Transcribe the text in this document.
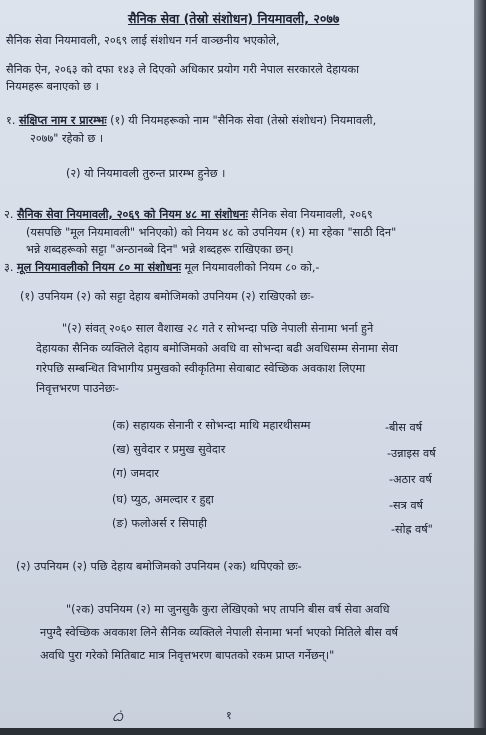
सैनिक सेवा (तेस्रो संशोधन) नियमावली, २०७७
सैनिक सेवा नियमावली, २०६९ लाई संशोधन गर्न वाञ्छनीय भएकोले,
सैनिक ऐन, २०६३ को दफा १४३ ले दिएको अधिकार प्रयोग गरी नेपाल सरकारले देहायका
नियमहरू बनाएको छ ।
१. संक्षिप्त नाम र प्रारम्भः (१) यी नियमहरूको नाम "सैनिक सेवा (तेस्रो संशोधन) नियमावली,
२०७७" रहेको छ ।
(२) यो नियमावली तुरुन्त प्रारम्भ हुनेछ ।
२. सैनिक सेवा नियमावली, २०६९ को नियम ४८ मा संशोधनः सैनिक सेवा नियमावली, २०६९
(यसपछि "मूल नियमावली" भनिएको) को नियम ४८ को उपनियम (१) मा रहेका "साठी दिन"
भन्ने शब्दहरूको सट्टा "अन्ठानब्बे दिन" भन्ने शब्दहरू राखिएका छन्।
३. मूल नियमावलीको नियम ८० मा संशोधनः मूल नियमावलीको नियम ८० को,-
(१) उपनियम (२) को सट्टा देहाय बमोजिमको उपनियम (२) राखिएको छः-
"(२) संवत् २०६० साल वैशाख २८ गते र सोभन्दा पछि नेपाली सेनामा भर्ना हुने
देहायका सैनिक व्यक्तिले देहाय बमोजिमको अवधि वा सोभन्दा बढी अवधिसम्म सेनामा सेवा
गरेपछि सम्बन्धित विभागीय प्रमुखको स्वीकृतिमा सेवाबाट स्वेच्छिक अवकाश लिएमा
निवृत्तभरण पाउनेछः-
(क) सहायक सेनानी र सोभन्दा माथि महारथीसम्म	-बीस वर्ष
(ख) सुवेदार र प्रमुख सुवेदार	-उन्नाइस वर्ष
(ग) जमदार	-अठार वर्ष
(घ) प्युठ, अमल्दार र हुद्दा	-सत्र वर्ष
(ङ) फलोअर्स र सिपाही	-सोह्र वर्ष"
(२) उपनियम (२) पछि देहाय बमोजिमको उपनियम (२क) थपिएको छः-
"(२क) उपनियम (२) मा जुनसुकै कुरा लेखिएको भए तापनि बीस वर्ष सेवा अवधि
नपुग्दै स्वेच्छिक अवकाश लिने सैनिक व्यक्तिले नेपाली सेनामा भर्ना भएको मितिले बीस वर्ष
अवधि पुरा गरेको मितिबाट मात्र निवृत्तभरण बापतको रकम प्राप्त गर्नेछन्।"
ᜊᜒ	१
